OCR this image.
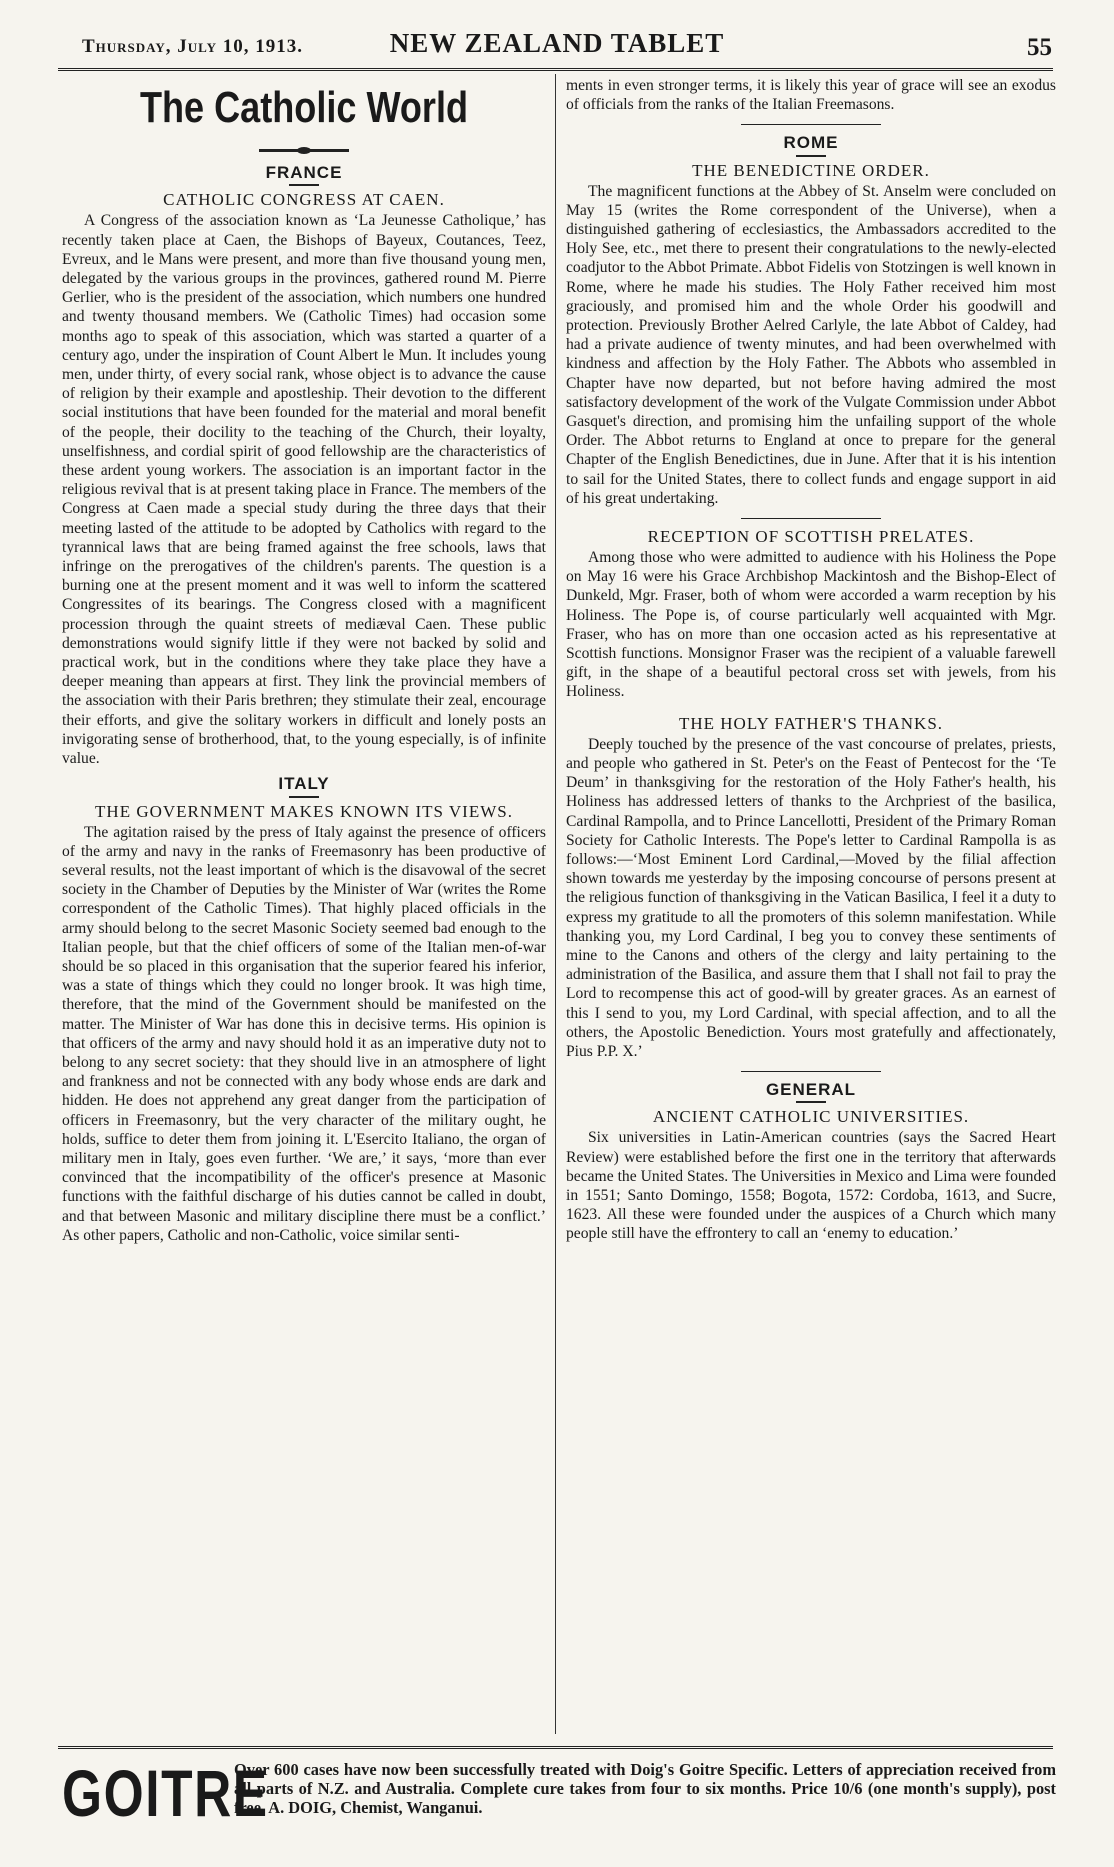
Thursday, July 10, 1913.	NEW ZEALAND TABLET	55
The Catholic World
FRANCE
CATHOLIC CONGRESS AT CAEN.

A Congress of the association known as ‘La Jeunesse Catholique,’ has recently taken place at Caen, the Bishops of Bayeux, Coutances, Teez, Evreux, and le Mans were present, and more than five thousand young men, delegated by the various groups in the provinces, gathered round M. Pierre Gerlier, who is the president of the association, which numbers one hundred and twenty thousand members. We (Catholic Times) had occasion some months ago to speak of this association, which was started a quarter of a century ago, under the inspiration of Count Albert le Mun. It includes young men, under thirty, of every social rank, whose object is to advance the cause of religion by their example and apostleship. Their devotion to the different social institutions that have been founded for the material and moral benefit of the people, their docility to the teaching of the Church, their loyalty, unselfishness, and cordial spirit of good fellowship are the characteristics of these ardent young workers. The association is an important factor in the religious revival that is at present taking place in France. The members of the Congress at Caen made a special study during the three days that their meeting lasted of the attitude to be adopted by Catholics with regard to the tyrannical laws that are being framed against the free schools, laws that infringe on the prerogatives of the children's parents. The question is a burning one at the present moment and it was well to inform the scattered Congressites of its bearings. The Congress closed with a magnificent procession through the quaint streets of mediæval Caen. These public demonstrations would signify little if they were not backed by solid and practical work, but in the conditions where they take place they have a deeper meaning than appears at first. They link the provincial members of the association with their Paris brethren; they stimulate their zeal, encourage their efforts, and give the solitary workers in difficult and lonely posts an invigorating sense of brotherhood, that, to the young especially, is of infinite value.

ITALY
THE GOVERNMENT MAKES KNOWN ITS VIEWS.

The agitation raised by the press of Italy against the presence of officers of the army and navy in the ranks of Freemasonry has been productive of several results, not the least important of which is the disavowal of the secret society in the Chamber of Deputies by the Minister of War (writes the Rome correspondent of the Catholic Times). That highly placed officials in the army should belong to the secret Masonic Society seemed bad enough to the Italian people, but that the chief officers of some of the Italian men-of-war should be so placed in this organisation that the superior feared his inferior, was a state of things which they could no longer brook. It was high time, therefore, that the mind of the Government should be manifested on the matter. The Minister of War has done this in decisive terms. His opinion is that officers of the army and navy should hold it as an imperative duty not to belong to any secret society: that they should live in an atmosphere of light and frankness and not be connected with any body whose ends are dark and hidden. He does not apprehend any great danger from the participation of officers in Freemasonry, but the very character of the military ought, he holds, suffice to deter them from joining it. L'Esercito Italiano, the organ of military men in Italy, goes even further. ‘We are,’ it says, ‘more than ever convinced that the incompatibility of the officer's presence at Masonic functions with the faithful discharge of his duties cannot be called in doubt, and that between Masonic and military discipline there must be a conflict.’ As other papers, Catholic and non-Catholic, voice similar senti-

ments in even stronger terms, it is likely this year of grace will see an exodus of officials from the ranks of the Italian Freemasons.

ROME
THE BENEDICTINE ORDER.

The magnificent functions at the Abbey of St. Anselm were concluded on May 15 (writes the Rome correspondent of the Universe), when a distinguished gathering of ecclesiastics, the Ambassadors accredited to the Holy See, etc., met there to present their congratulations to the newly-elected coadjutor to the Abbot Primate. Abbot Fidelis von Stotzingen is well known in Rome, where he made his studies. The Holy Father received him most graciously, and promised him and the whole Order his goodwill and protection. Previously Brother Aelred Carlyle, the late Abbot of Caldey, had had a private audience of twenty minutes, and had been overwhelmed with kindness and affection by the Holy Father. The Abbots who assembled in Chapter have now departed, but not before having admired the most satisfactory development of the work of the Vulgate Commission under Abbot Gasquet's direction, and promising him the unfailing support of the whole Order. The Abbot returns to England at once to prepare for the general Chapter of the English Benedictines, due in June. After that it is his intention to sail for the United States, there to collect funds and engage support in aid of his great undertaking.

RECEPTION OF SCOTTISH PRELATES.

Among those who were admitted to audience with his Holiness the Pope on May 16 were his Grace Archbishop Mackintosh and the Bishop-Elect of Dunkeld, Mgr. Fraser, both of whom were accorded a warm reception by his Holiness. The Pope is, of course particularly well acquainted with Mgr. Fraser, who has on more than one occasion acted as his representative at Scottish functions. Monsignor Fraser was the recipient of a valuable farewell gift, in the shape of a beautiful pectoral cross set with jewels, from his Holiness.

THE HOLY FATHER'S THANKS.

Deeply touched by the presence of the vast concourse of prelates, priests, and people who gathered in St. Peter's on the Feast of Pentecost for the ‘Te Deum’ in thanksgiving for the restoration of the Holy Father's health, his Holiness has addressed letters of thanks to the Archpriest of the basilica, Cardinal Rampolla, and to Prince Lancellotti, President of the Primary Roman Society for Catholic Interests. The Pope's letter to Cardinal Rampolla is as follows:—‘Most Eminent Lord Cardinal,—Moved by the filial affection shown towards me yesterday by the imposing concourse of persons present at the religious function of thanksgiving in the Vatican Basilica, I feel it a duty to express my gratitude to all the promoters of this solemn manifestation. While thanking you, my Lord Cardinal, I beg you to convey these sentiments of mine to the Canons and others of the clergy and laity pertaining to the administration of the Basilica, and assure them that I shall not fail to pray the Lord to recompense this act of good-will by greater graces. As an earnest of this I send to you, my Lord Cardinal, with special affection, and to all the others, the Apostolic Benediction. Yours most gratefully and affectionately, Pius P.P. X.’

GENERAL
ANCIENT CATHOLIC UNIVERSITIES.

Six universities in Latin-American countries (says the Sacred Heart Review) were established before the first one in the territory that afterwards became the United States. The Universities in Mexico and Lima were founded in 1551; Santo Domingo, 1558; Bogota, 1572: Cordoba, 1613, and Sucre, 1623. All these were founded under the auspices of a Church which many people still have the effrontery to call an ‘enemy to education.’

GOITRE
Over 600 cases have now been successfully treated with Doig's Goitre Specific. Letters of appreciation received from all parts of N.Z. and Australia. Complete cure takes from four to six months. Price 10/6 (one month's supply), post free. A. DOIG, Chemist, Wanganui.
